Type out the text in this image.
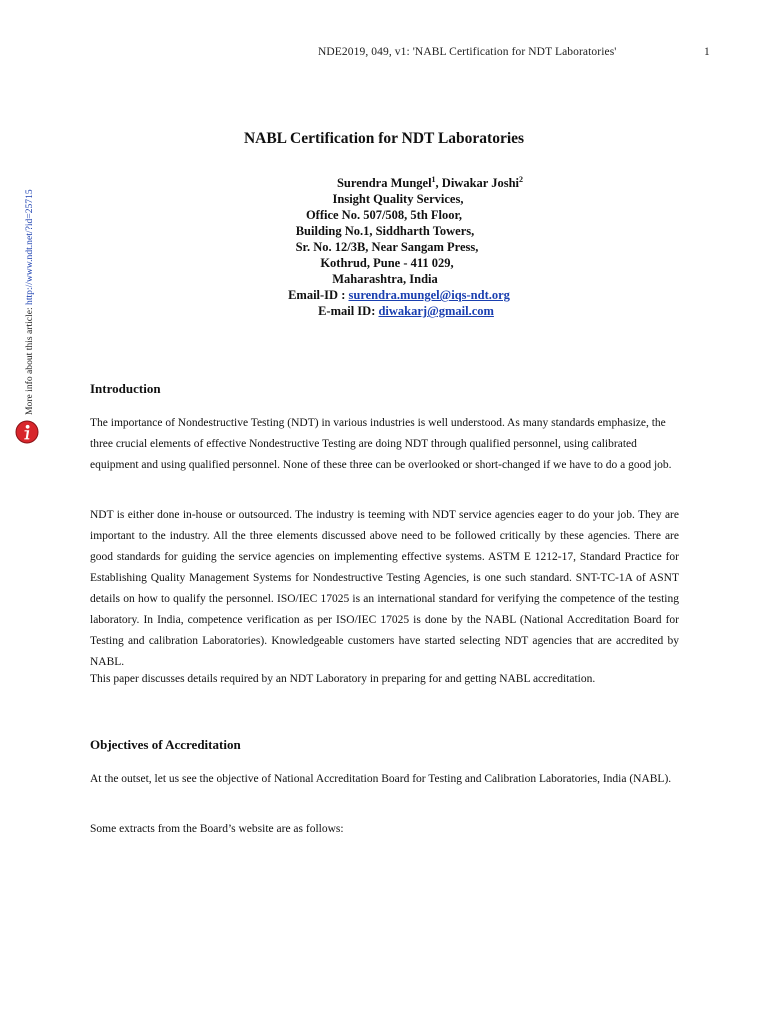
NDE2019, 049, v1: 'NABL Certification for NDT Laboratories'	1
More info about this article: http://www.ndt.net/?id=25715
NABL Certification for NDT Laboratories
Surendra Mungel$^1$, Diwakar Joshi$^2$
Insight Quality Services,
Office No. 507/508, 5th Floor,
Building No.1, Siddharth Towers,
Sr. No. 12/3B, Near Sangam Press,
Kothrud, Pune - 411 029,
Maharashtra, India
Email-ID : surendra.mungel@iqs-ndt.org
E-mail ID: diwakarj@gmail.com
Introduction

The importance of Nondestructive Testing (NDT) in various industries is well understood. As many standards emphasize, the three crucial elements of effective Nondestructive Testing are doing NDT through qualified personnel, using calibrated equipment and using qualified personnel. None of these three can be overlooked or short-changed if we have to do a good job.

NDT is either done in-house or outsourced. The industry is teeming with NDT service agencies eager to do your job. They are important to the industry. All the three elements discussed above need to be followed critically by these agencies. There are good standards for guiding the service agencies on implementing effective systems. ASTM E 1212-17, Standard Practice for Establishing Quality Management Systems for Nondestructive Testing Agencies, is one such standard. SNT-TC-1A of ASNT details on how to qualify the personnel. ISO/IEC 17025 is an international standard for verifying the competence of the testing laboratory. In India, competence verification as per ISO/IEC 17025 is done by the NABL (National Accreditation Board for Testing and calibration Laboratories). Knowledgeable customers have started selecting NDT agencies that are accredited by NABL.

This paper discusses details required by an NDT Laboratory in preparing for and getting NABL accreditation.

Objectives of Accreditation

At the outset, let us see the objective of National Accreditation Board for Testing and Calibration Laboratories, India (NABL).

Some extracts from the Board’s website are as follows:
